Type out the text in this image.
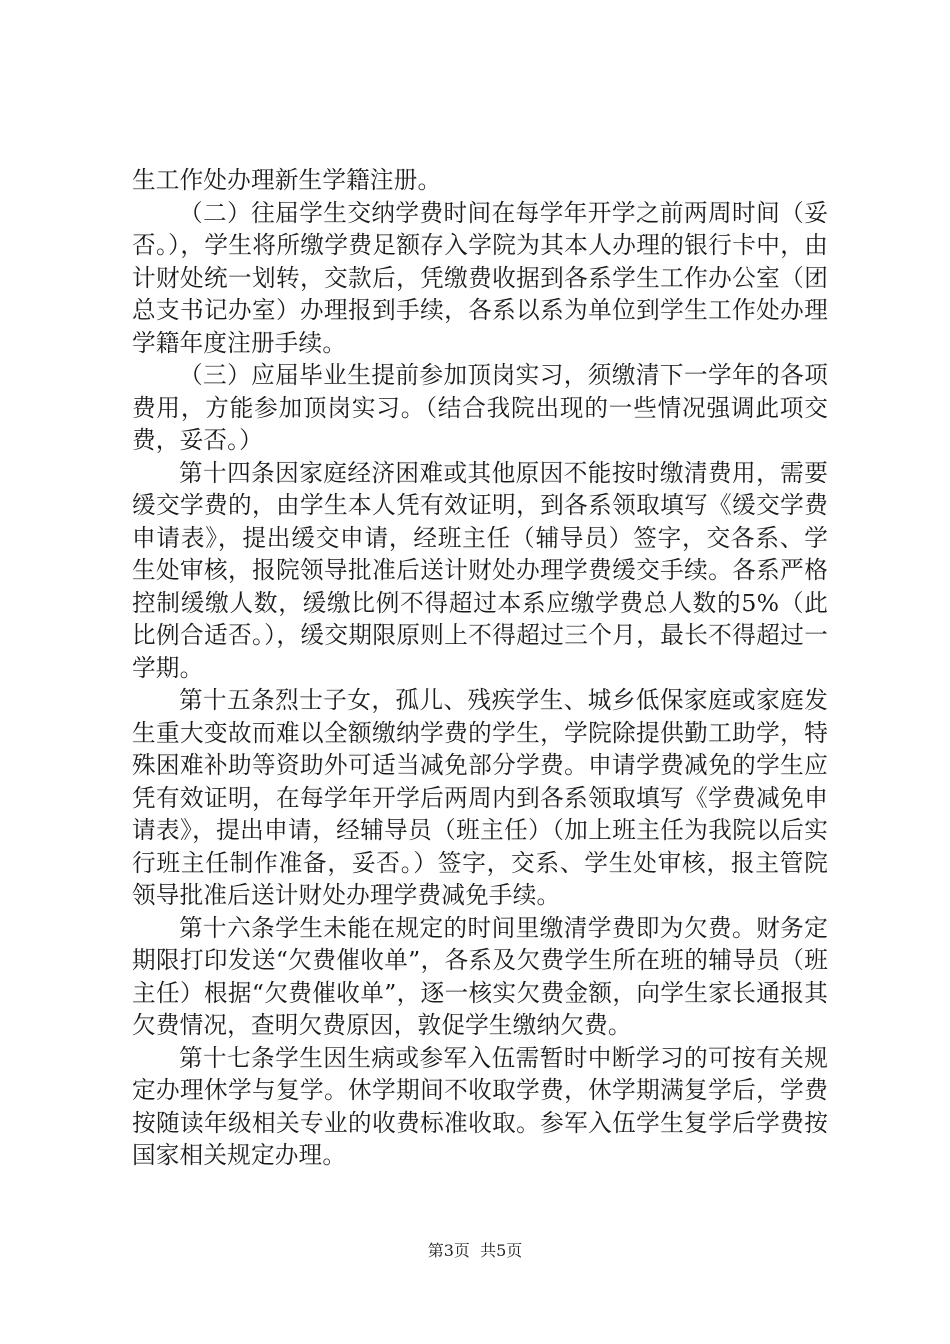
生工作处办理新生学籍注册。

（二）往届学生交纳学费时间在每学年开学之前两周时间（妥否。），学生将所缴学费足额存入学院为其本人办理的银行卡中，由计财处统一划转，交款后，凭缴费收据到各系学生工作办公室（团总支书记办室）办理报到手续，各系以系为单位到学生工作处办理学籍年度注册手续。

（三）应届毕业生提前参加顶岗实习，须缴清下一学年的各项费用，方能参加顶岗实习。（结合我院出现的一些情况强调此项交费，妥否。）

第十四条因家庭经济困难或其他原因不能按时缴清费用，需要缓交学费的，由学生本人凭有效证明，到各系领取填写《缓交学费申请表》，提出缓交申请，经班主任（辅导员）签字，交各系、学生处审核，报院领导批准后送计财处办理学费缓交手续。各系严格控制缓缴人数，缓缴比例不得超过本系应缴学费总人数的5%（此比例合适否。），缓交期限原则上不得超过三个月，最长不得超过一学期。

第十五条烈士子女，孤儿、残疾学生、城乡低保家庭或家庭发生重大变故而难以全额缴纳学费的学生，学院除提供勤工助学，特殊困难补助等资助外可适当减免部分学费。申请学费减免的学生应凭有效证明，在每学年开学后两周内到各系领取填写《学费减免申请表》，提出申请，经辅导员（班主任）（加上班主任为我院以后实行班主任制作准备，妥否。）签字，交系、学生处审核，报主管院领导批准后送计财处办理学费减免手续。

第十六条学生未能在规定的时间里缴清学费即为欠费。财务定期限打印发送“欠费催收单”，各系及欠费学生所在班的辅导员（班主任）根据“欠费催收单”，逐一核实欠费金额，向学生家长通报其欠费情况，查明欠费原因，敦促学生缴纳欠费。

第十七条学生因生病或参军入伍需暂时中断学习的可按有关规定办理休学与复学。休学期间不收取学费，休学期满复学后，学费按随读年级相关专业的收费标准收取。参军入伍学生复学后学费按国家相关规定办理。

第3页  共5页
